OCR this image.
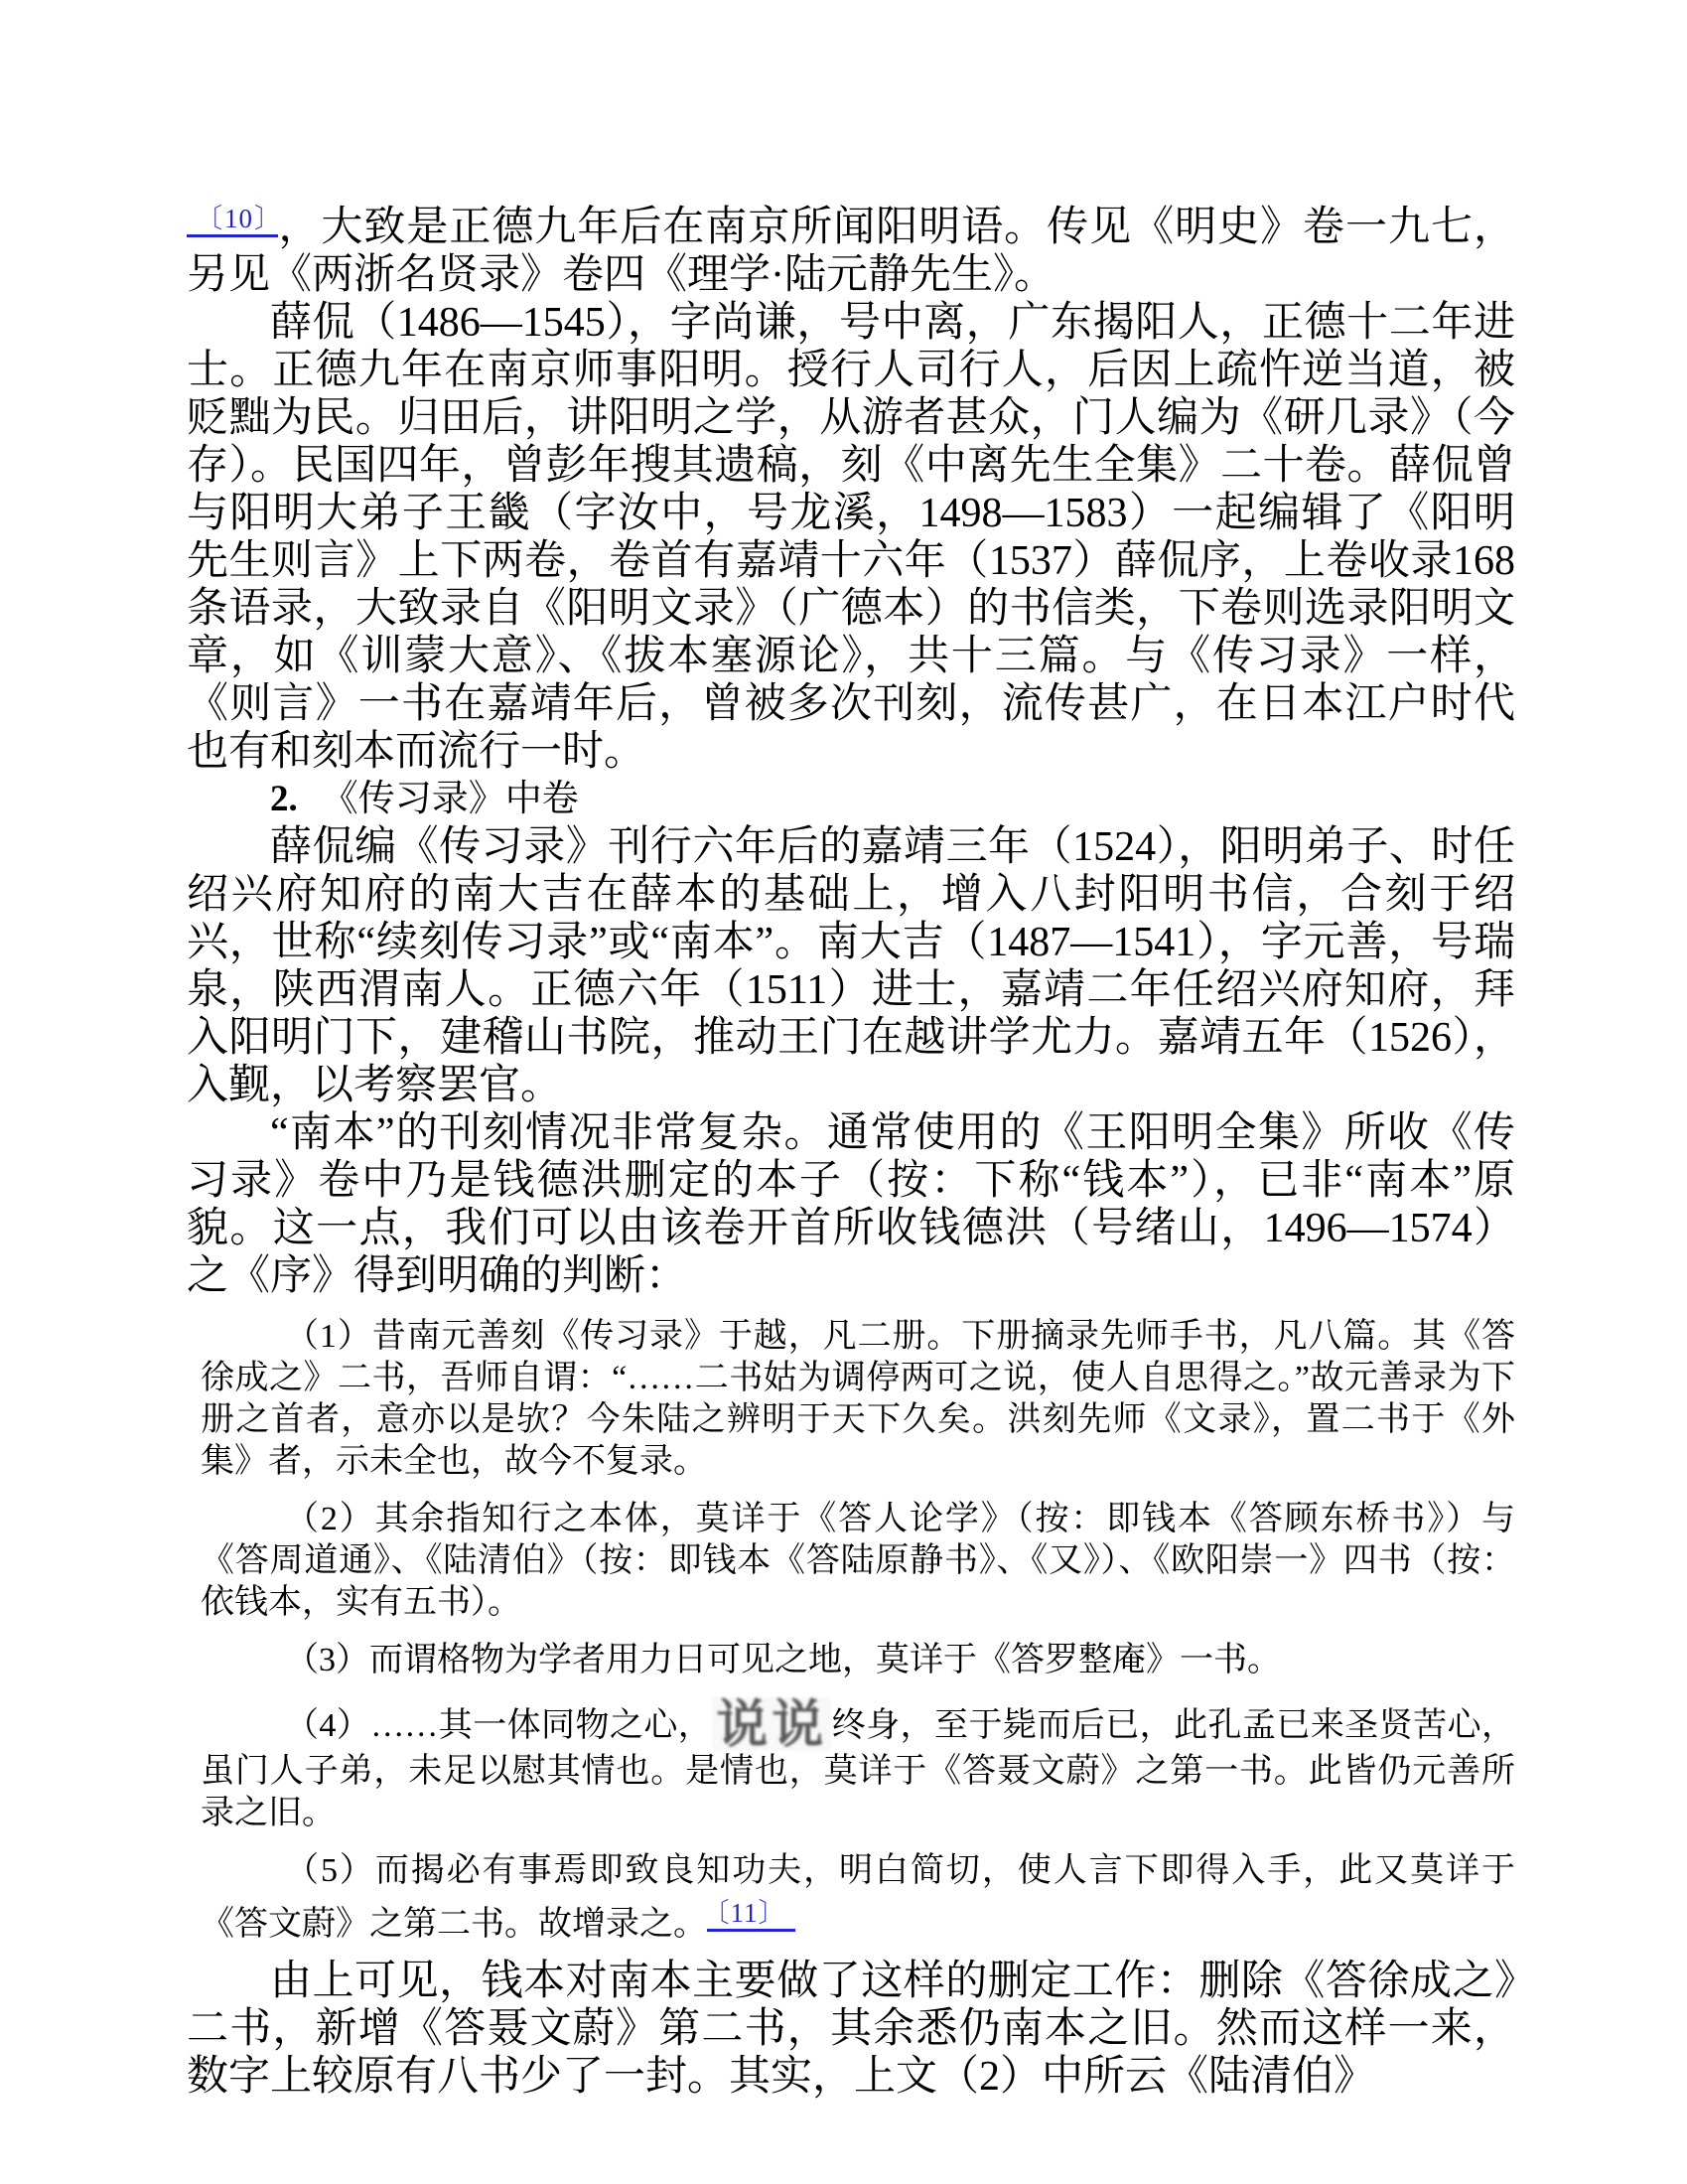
$^{〔10〕}$ ，大致是正德九年后在南京所闻阳明语。传见《明史》卷一九七，另见《两浙名贤录》卷四《理学·陆元静先生》。

薛侃（1486—1545），字尚谦，号中离，广东揭阳人，正德十二年进士。正德九年在南京师事阳明。授行人司行人，后因上疏忤逆当道，被贬黜为民。归田后，讲阳明之学，从游者甚众，门人编为《研几录》（今存）。民国四年，曾彭年搜其遗稿，刻《中离先生全集》二十卷。薛侃曾与阳明大弟子王畿（字汝中，号龙溪，1498—1583）一起编辑了《阳明先生则言》上下两卷，卷首有嘉靖十六年（1537）薛侃序，上卷收录168条语录，大致录自《阳明文录》（广德本）的书信类，下卷则选录阳明文章，如《训蒙大意》、《拔本塞源论》，共十三篇。与《传习录》一样，《则言》一书在嘉靖年后，曾被多次刊刻，流传甚广，在日本江户时代也有和刻本而流行一时。

2. 《传习录》中卷

薛侃编《传习录》刊行六年后的嘉靖三年（1524），阳明弟子、时任绍兴府知府的南大吉在薛本的基础上，增入八封阳明书信，合刻于绍兴，世称“续刻传习录”或“南本”。南大吉（1487—1541），字元善，号瑞泉，陕西渭南人。正德六年（1511）进士，嘉靖二年任绍兴府知府，拜入阳明门下，建稽山书院，推动王门在越讲学尤力。嘉靖五年（1526），入觐，以考察罢官。

“南本”的刊刻情况非常复杂。通常使用的《王阳明全集》所收《传习录》卷中乃是钱德洪删定的本子（按：下称“钱本”），已非“南本”原貌。这一点，我们可以由该卷开首所收钱德洪（号绪山，1496—1574）之《序》得到明确的判断：

（1）昔南元善刻《传习录》于越，凡二册。下册摘录先师手书，凡八篇。其《答徐成之》二书，吾师自谓：“……二书姑为调停两可之说，使人自思得之。”故元善录为下册之首者，意亦以是欤？今朱陆之辨明于天下久矣。洪刻先师《文录》，置二书于《外集》者，示未全也，故今不复录。

（2）其余指知行之本体，莫详于《答人论学》（按：即钱本《答顾东桥书》）与《答周道通》、《陆清伯》（按：即钱本《答陆原静书》、《又》）、《欧阳崇一》四书（按：依钱本，实有五书）。

（3）而谓格物为学者用力日可见之地，莫详于《答罗整庵》一书。

（4）……其一体同物之心，说说 终身，至于毙而后已，此孔孟已来圣贤苦心，虽门人子弟，未足以慰其情也。是情也，莫详于《答聂文蔚》之第一书。此皆仍元善所录之旧。

（5）而揭必有事焉即致良知功夫，明白简切，使人言下即得入手，此又莫详于《答文蔚》之第二书。故增录之。 $^{〔11〕}$

由上可见，钱本对南本主要做了这样的删定工作：删除《答徐成之》二书，新增《答聂文蔚》第二书，其余悉仍南本之旧。然而这样一来，数字上较原有八书少了一封。其实，上文（2）中所云《陆清伯》
